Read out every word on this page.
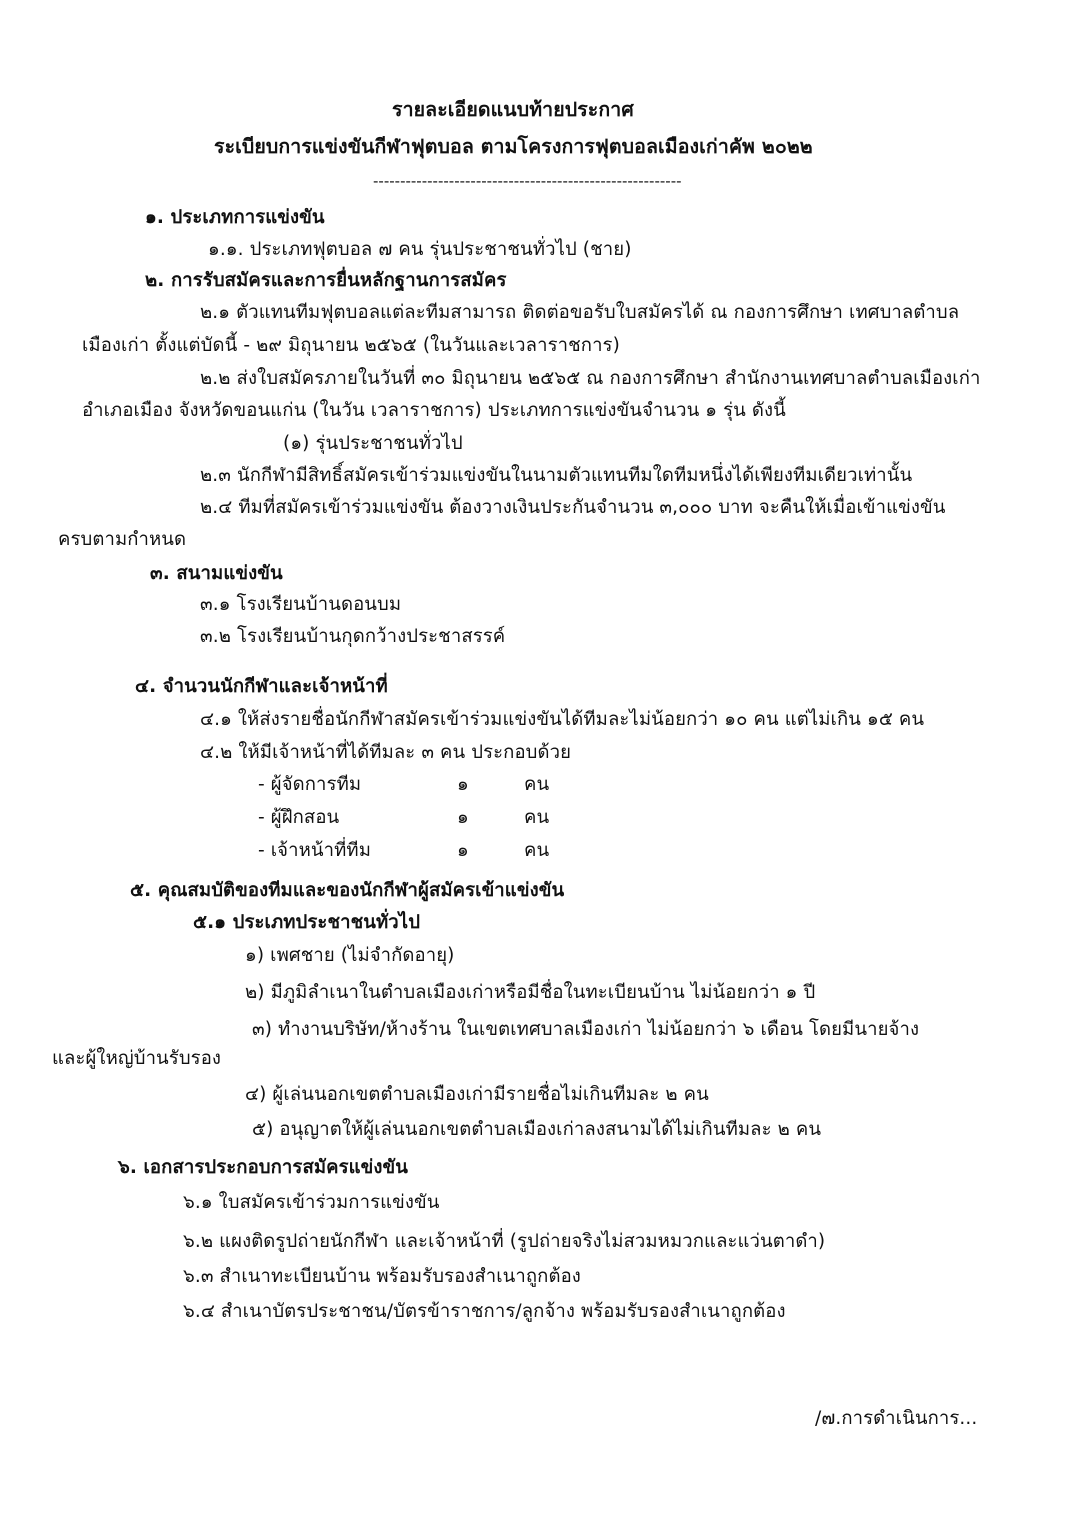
รายละเอียดแนบท้ายประกาศ
ระเบียบการแข่งขันกีฬาฟุตบอล ตามโครงการฟุตบอลเมืองเก่าคัพ ๒๐๒๒
---------------------------------------------------------
๑. ประเภทการแข่งขัน
๑.๑. ประเภทฟุตบอล ๗ คน รุ่นประชาชนทั่วไป (ชาย)
๒. การรับสมัครและการยื่นหลักฐานการสมัคร
๒.๑ ตัวแทนทีมฟุตบอลแต่ละทีมสามารถ ติดต่อขอรับใบสมัครได้ ณ กองการศึกษา เทศบาลตำบล
เมืองเก่า ตั้งแต่บัดนี้ - ๒๙ มิถุนายน ๒๕๖๕ (ในวันและเวลาราชการ)
๒.๒ ส่งใบสมัครภายในวันที่ ๓๐ มิถุนายน ๒๕๖๕ ณ กองการศึกษา สำนักงานเทศบาลตำบลเมืองเก่า
อำเภอเมือง จังหวัดขอนแก่น (ในวัน เวลาราชการ) ประเภทการแข่งขันจำนวน ๑ รุ่น ดังนี้
(๑) รุ่นประชาชนทั่วไป
๒.๓ นักกีฬามีสิทธิ์สมัครเข้าร่วมแข่งขันในนามตัวแทนทีมใดทีมหนึ่งได้เพียงทีมเดียวเท่านั้น
๒.๔ ทีมที่สมัครเข้าร่วมแข่งขัน ต้องวางเงินประกันจำนวน ๓,๐๐๐ บาท จะคืนให้เมื่อเข้าแข่งขัน
ครบตามกำหนด
๓. สนามแข่งขัน
๓.๑ โรงเรียนบ้านดอนบม
๓.๒ โรงเรียนบ้านกุดกว้างประชาสรรค์
๔. จำนวนนักกีฬาและเจ้าหน้าที่
๔.๑ ให้ส่งรายชื่อนักกีฬาสมัครเข้าร่วมแข่งขันได้ทีมละไม่น้อยกว่า ๑๐ คน แต่ไม่เกิน ๑๕ คน
๔.๒ ให้มีเจ้าหน้าที่ได้ทีมละ ๓ คน ประกอบด้วย
- ผู้จัดการทีม	๑	คน
- ผู้ฝึกสอน	๑	คน
- เจ้าหน้าที่ทีม	๑	คน
๕. คุณสมบัติของทีมและของนักกีฬาผู้สมัครเข้าแข่งขัน
๕.๑ ประเภทประชาชนทั่วไป
๑) เพศชาย (ไม่จำกัดอายุ)
๒) มีภูมิลำเนาในตำบลเมืองเก่าหรือมีชื่อในทะเบียนบ้าน ไม่น้อยกว่า ๑ ปี
๓) ทำงานบริษัท/ห้างร้าน ในเขตเทศบาลเมืองเก่า ไม่น้อยกว่า ๖ เดือน โดยมีนายจ้าง
และผู้ใหญ่บ้านรับรอง
๔) ผู้เล่นนอกเขตตำบลเมืองเก่ามีรายชื่อไม่เกินทีมละ ๒ คน
๕) อนุญาตให้ผู้เล่นนอกเขตตำบลเมืองเก่าลงสนามได้ไม่เกินทีมละ ๒ คน
๖. เอกสารประกอบการสมัครแข่งขัน
๖.๑ ใบสมัครเข้าร่วมการแข่งขัน
๖.๒ แผงติดรูปถ่ายนักกีฬา และเจ้าหน้าที่ (รูปถ่ายจริงไม่สวมหมวกและแว่นตาดำ)
๖.๓ สำเนาทะเบียนบ้าน พร้อมรับรองสำเนาถูกต้อง
๖.๔ สำเนาบัตรประชาชน/บัตรข้าราชการ/ลูกจ้าง พร้อมรับรองสำเนาถูกต้อง
/๗.การดำเนินการ...
